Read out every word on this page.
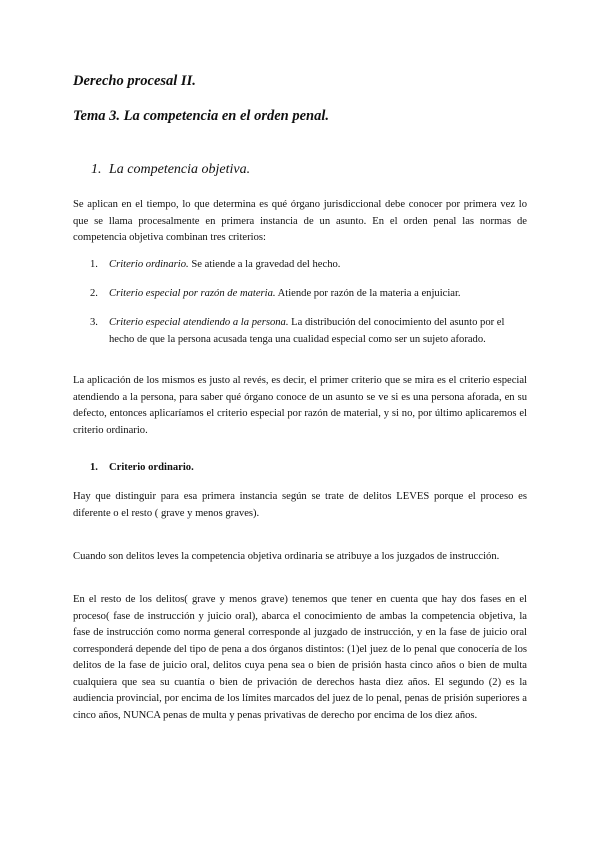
Derecho procesal II.
Tema 3. La competencia en el orden penal.
1. La competencia objetiva.

Se aplican en el tiempo, lo que determina es qué órgano jurisdiccional debe conocer por primera vez lo que se llama procesalmente en primera instancia de un asunto. En el orden penal las normas de competencia objetiva combinan tres criterios:

1.	Criterio ordinario. Se atiende a la gravedad del hecho.
2.	Criterio especial por razón de materia. Atiende por razón de la materia a enjuiciar.
3.	Criterio especial atendiendo a la persona. La distribución del conocimiento del asunto por el hecho de que la persona acusada tenga una cualidad especial como ser un sujeto aforado.

La aplicación de los mismos es justo al revés, es decir, el primer criterio que se mira es el criterio especial atendiendo a la persona, para saber qué órgano conoce de un asunto se ve si es una persona aforada, en su defecto, entonces aplicaríamos el criterio especial por razón de material, y si no, por último aplicaremos el criterio ordinario.

1. Criterio ordinario.

Hay que distinguir para esa primera instancia según se trate de delitos LEVES porque el proceso es diferente o el resto ( grave y menos graves).

Cuando son delitos leves la competencia objetiva ordinaria se atribuye a los juzgados de instrucción.

En el resto de los delitos( grave y menos grave) tenemos que tener en cuenta que hay dos fases en el proceso( fase de instrucción y juicio oral), abarca el conocimiento de ambas la competencia objetiva, la fase de instrucción como norma general corresponde al juzgado de instrucción, y en la fase de juicio oral corresponderá depende del tipo de pena a dos órganos distintos: (1)el juez de lo penal que conocería de los delitos de la fase de juicio oral, delitos cuya pena sea o bien de prisión hasta cinco años o bien de multa cualquiera que sea su cuantía o bien de privación de derechos hasta diez años. El segundo (2) es la audiencia provincial, por encima de los límites marcados del juez de lo penal, penas de prisión superiores a cinco años, NUNCA penas de multa y penas privativas de derecho por encima de los diez años.
